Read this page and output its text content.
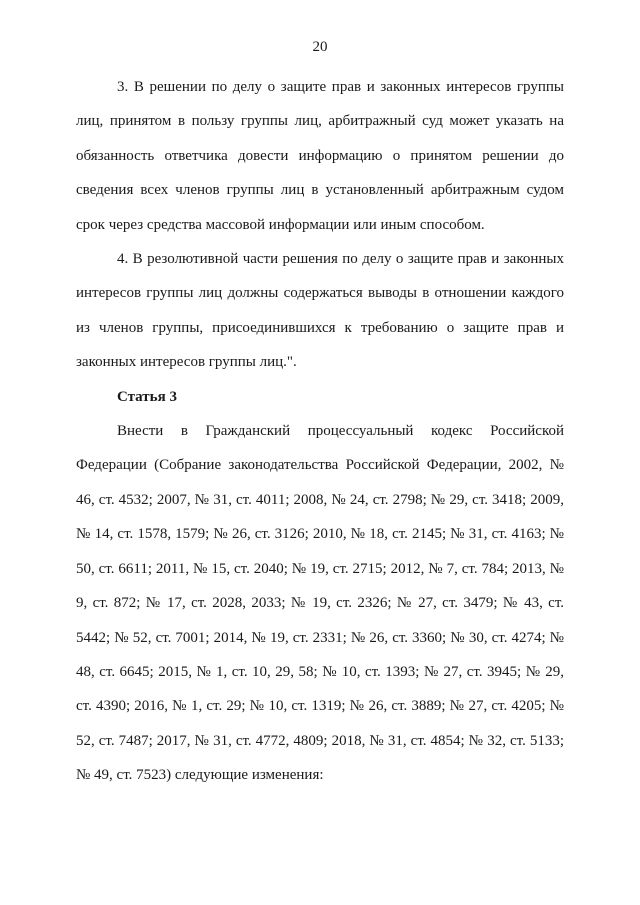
20

3. В решении по делу о защите прав и законных интересов группы лиц, принятом в пользу группы лиц, арбитражный суд может указать на обязанность ответчика довести информацию о принятом решении до сведения всех членов группы лиц в установленный арбитражным судом срок через средства массовой информации или иным способом.

4. В резолютивной части решения по делу о защите прав и законных интересов группы лиц должны содержаться выводы в отношении каждого из членов группы, присоединившихся к требованию о защите прав и законных интересов группы лиц.".

Статья 3

Внести в Гражданский процессуальный кодекс Российской Федерации (Собрание законодательства Российской Федерации, 2002, № 46, ст. 4532; 2007, № 31, ст. 4011; 2008, № 24, ст. 2798; № 29, ст. 3418; 2009, № 14, ст. 1578, 1579; № 26, ст. 3126; 2010, № 18, ст. 2145; № 31, ст. 4163; № 50, ст. 6611; 2011, № 15, ст. 2040; № 19, ст. 2715; 2012, № 7, ст. 784; 2013, № 9, ст. 872; № 17, ст. 2028, 2033; № 19, ст. 2326; № 27, ст. 3479; № 43, ст. 5442; № 52, ст. 7001; 2014, № 19, ст. 2331; № 26, ст. 3360; № 30, ст. 4274; № 48, ст. 6645; 2015, № 1, ст. 10, 29, 58; № 10, ст. 1393; № 27, ст. 3945; № 29, ст. 4390; 2016, № 1, ст. 29; № 10, ст. 1319; № 26, ст. 3889; № 27, ст. 4205; № 52, ст. 7487; 2017, № 31, ст. 4772, 4809; 2018, № 31, ст. 4854; № 32, ст. 5133; № 49, ст. 7523) следующие изменения:
